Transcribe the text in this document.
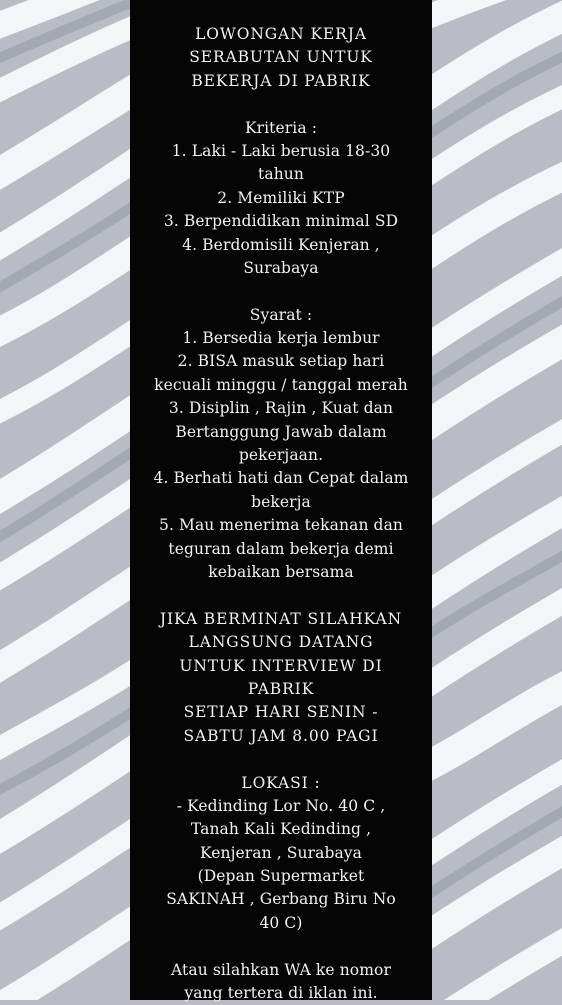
LOWONGAN KERJA
SERABUTAN UNTUK
BEKERJA DI PABRIK
Kriteria :
1. Laki - Laki berusia 18-30
tahun
2. Memiliki KTP
3. Berpendidikan minimal SD
4. Berdomisili Kenjeran ,
Surabaya
Syarat :
1. Bersedia kerja lembur
2. BISA masuk setiap hari
kecuali minggu / tanggal merah
3. Disiplin , Rajin , Kuat dan
Bertanggung Jawab dalam
pekerjaan.
4. Berhati hati dan Cepat dalam
bekerja
5. Mau menerima tekanan dan
teguran dalam bekerja demi
kebaikan bersama
JIKA BERMINAT SILAHKAN
LANGSUNG DATANG
UNTUK INTERVIEW DI
PABRIK
SETIAP HARI SENIN -
SABTU JAM 8.00 PAGI
LOKASI :
- Kedinding Lor No. 40 C ,
Tanah Kali Kedinding ,
Kenjeran , Surabaya
(Depan Supermarket
SAKINAH , Gerbang Biru No
40 C)
Atau silahkan WA ke nomor
yang tertera di iklan ini.
